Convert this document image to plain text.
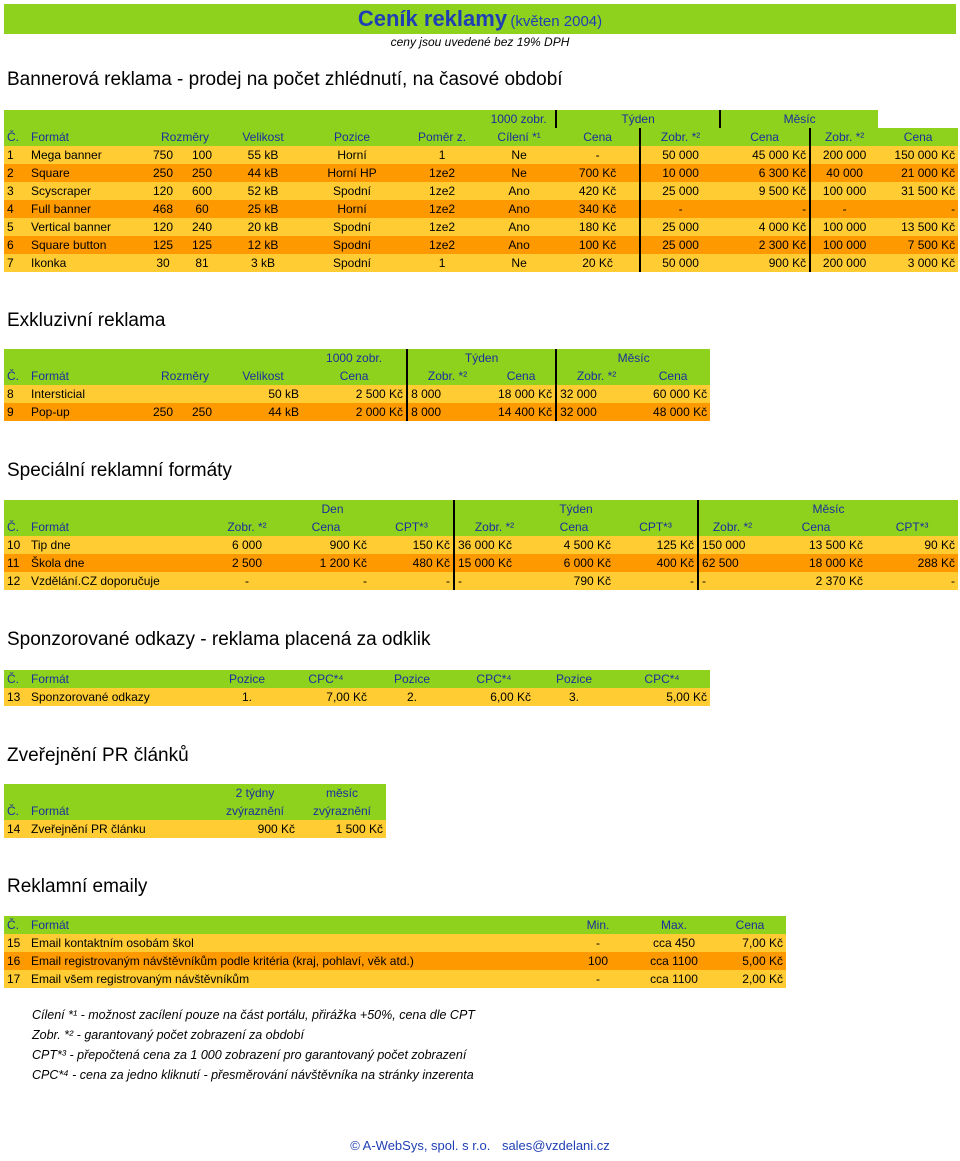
Ceník reklamy (květen 2004)
ceny jsou uvedené bez 19% DPH
Bannerová reklama - prodej na počet zhlédnutí, na časové období
							1000 zobr.	Týden		Měsíc		
Č.	Formát	Rozměry		Velikost	Pozice	Poměr z.	Cílení *¹	Cena	Zobr. *²	Cena	Zobr. *²	Cena
1	Mega banner	750	100	55 kB	Horní	1	Ne	-	50 000	45 000 Kč	200 000	150 000 Kč
2	Square	250	250	44 kB	Horní HP	1ze2	Ne	700 Kč	10 000	6 300 Kč	40 000	21 000 Kč
3	Scyscraper	120	600	52 kB	Spodní	1ze2	Ano	420 Kč	25 000	9 500 Kč	100 000	31 500 Kč
4	Full banner	468	60	25 kB	Horní	1ze2	Ano	340 Kč	-	-	-	-
5	Vertical banner	120	240	20 kB	Spodní	1ze2	Ano	180 Kč	25 000	4 000 Kč	100 000	13 500 Kč
6	Square button	125	125	12 kB	Spodní	1ze2	Ano	100 Kč	25 000	2 300 Kč	100 000	7 500 Kč
7	Ikonka	30	81	3 kB	Spodní	1	Ne	20 Kč	50 000	900 Kč	200 000	3 000 Kč
Exkluzivní reklama
					1000 zobr.	Týden		Měsíc	
Č.	Formát	Rozměry		Velikost	Cena	Zobr. *²	Cena	Zobr. *²	Cena
8	Intersticial			50 kB	2 500 Kč	8 000	18 000 Kč	32 000	60 000 Kč
9	Pop-up	250	250	44 kB	2 000 Kč	8 000	14 400 Kč	32 000	48 000 Kč
Speciální reklamní formáty
		Den			Týden			Měsíc		
Č.	Formát	Zobr. *²	Cena	CPT*³	Zobr. *²	Cena	CPT*³	Zobr. *²	Cena	CPT*³
10	Tip dne	6 000	900 Kč	150 Kč	36 000 Kč	4 500 Kč	125 Kč	150 000	13 500 Kč	90 Kč
11	Škola dne	2 500	1 200 Kč	480 Kč	15 000 Kč	6 000 Kč	400 Kč	62 500	18 000 Kč	288 Kč
12	Vzdělání.CZ doporučuje	-	-	-	-	790 Kč	-	-	2 370 Kč	-
Sponzorované odkazy - reklama placená za odklik
Č.	Formát	Pozice	CPC*⁴	Pozice	CPC*⁴	Pozice	CPC*⁴
13	Sponzorované odkazy	1.	7,00 Kč	2.	6,00 Kč	3.	5,00 Kč
Zveřejnění PR článků
		2 týdny	měsíc
Č.	Formát	zvýraznění	zvýraznění
14	Zveřejnění PR článku	900 Kč	1 500 Kč
Reklamní emaily
Č.	Formát	Min.	Max.	Cena
15	Email kontaktním osobám škol	-	cca 450	7,00 Kč
16	Email registrovaným návštěvníkům podle kritéria (kraj, pohlaví, věk atd.)	100	cca 1100	5,00 Kč
17	Email všem registrovaným návštěvníkům	-	cca 1100	2,00 Kč
Cílení *¹ - možnost zacílení pouze na část portálu, přirážka +50%, cena dle CPT
Zobr. *² - garantovaný počet zobrazení za období
CPT*³ - přepočtená cena za 1 000 zobrazení pro garantovaný počet zobrazení
CPC*⁴ - cena za jedno kliknutí - přesměrování návštěvníka na stránky inzerenta
© A-WebSys, spol. s r.o. sales@vzdelani.cz
